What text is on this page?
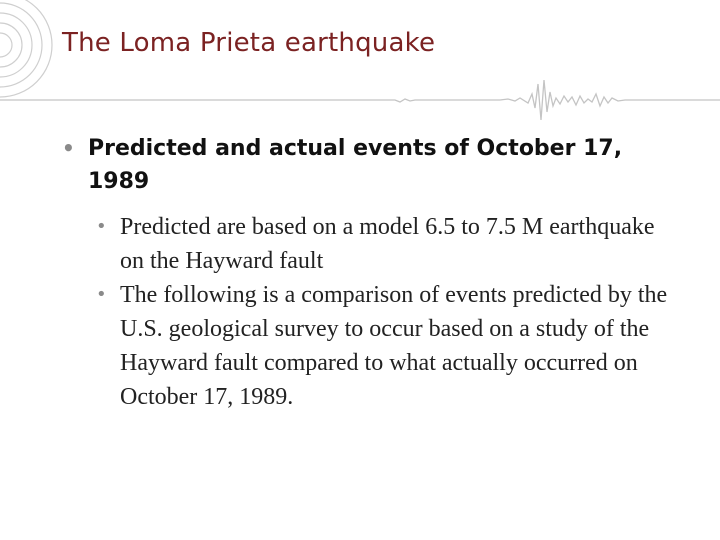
The Loma Prieta earthquake
• Predicted and actual events of October 17, 1989
• Predicted are based on a model 6.5 to 7.5 M earthquake on the Hayward fault
• The following is a comparison of events predicted by the U.S. geological survey to occur based on a study of the Hayward fault compared to what actually occurred on October 17, 1989.
